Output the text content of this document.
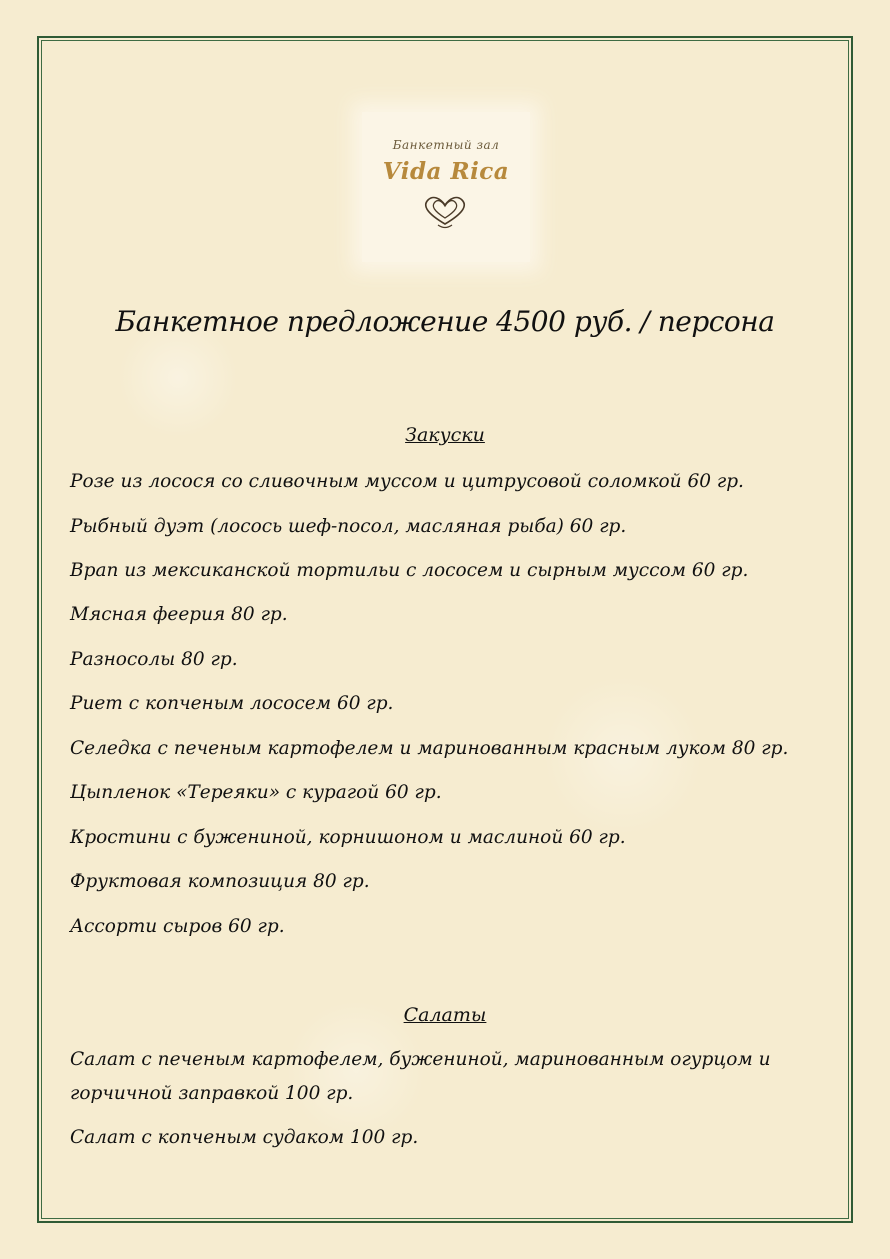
Банкетный зал
Vida Rica
Банкетное предложение 4500 руб. / персона
Закуски
Розе из лосося со сливочным муссом и цитрусовой соломкой 60 гр.
Рыбный дуэт (лосось шеф-посол, масляная рыба) 60 гр.
Врап из мексиканской тортильи с лососем и сырным муссом 60 гр.
Мясная феерия 80 гр.
Разносолы 80 гр.
Риет с копченым лососем 60 гр.
Селедка с печеным картофелем и маринованным красным луком 80 гр.
Цыпленок «Тереяки» с курагой 60 гр.
Кростини с бужениной, корнишоном и маслиной 60 гр.
Фруктовая композиция 80 гр.
Ассорти сыров 60 гр.
Салаты
Салат с печеным картофелем, бужениной, маринованным огурцом и
горчичной заправкой 100 гр.
Салат с копченым судаком 100 гр.
